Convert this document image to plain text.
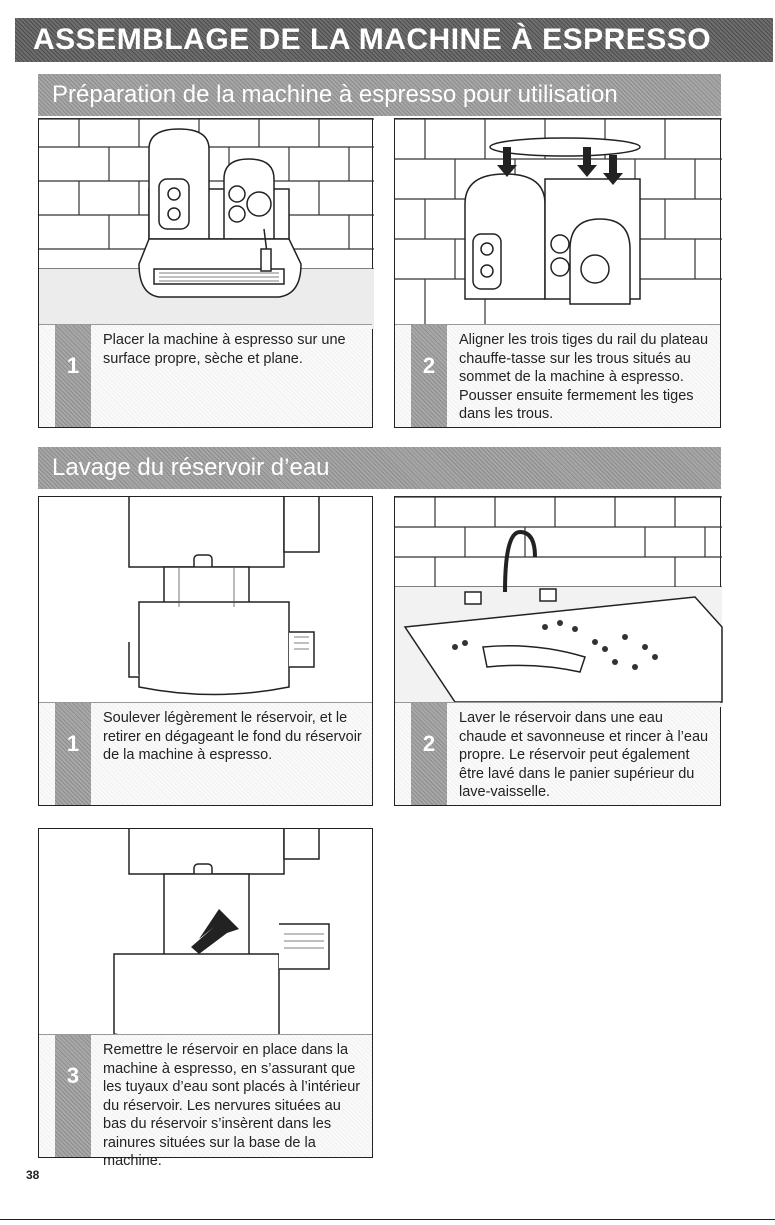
ASSEMBLAGE DE LA MACHINE À ESPRESSO
Préparation de la machine à espresso pour utilisation
1
Placer la machine à espresso sur une surface propre, sèche et plane.	2
Aligner les trois tiges du rail du plateau chauffe-tasse sur les trous situés au sommet de la machine à espresso. Pousser ensuite fermement les tiges dans les trous.
Lavage du réservoir d’eau
1
Soulever légèrement le réservoir, et le retirer en dégageant le fond du réservoir de la machine à espresso.	2
Laver le réservoir dans une eau chaude et savonneuse et rincer à l’eau propre. Le réservoir peut également être lavé dans le panier supérieur du lave-vaisselle.
3
Remettre le réservoir en place dans la machine à espresso, en s’assurant que les tuyaux d’eau sont placés à l’intérieur du réservoir. Les nervures situées au bas du réservoir s’insèrent dans les rainures situées sur la base de la machine.
38
